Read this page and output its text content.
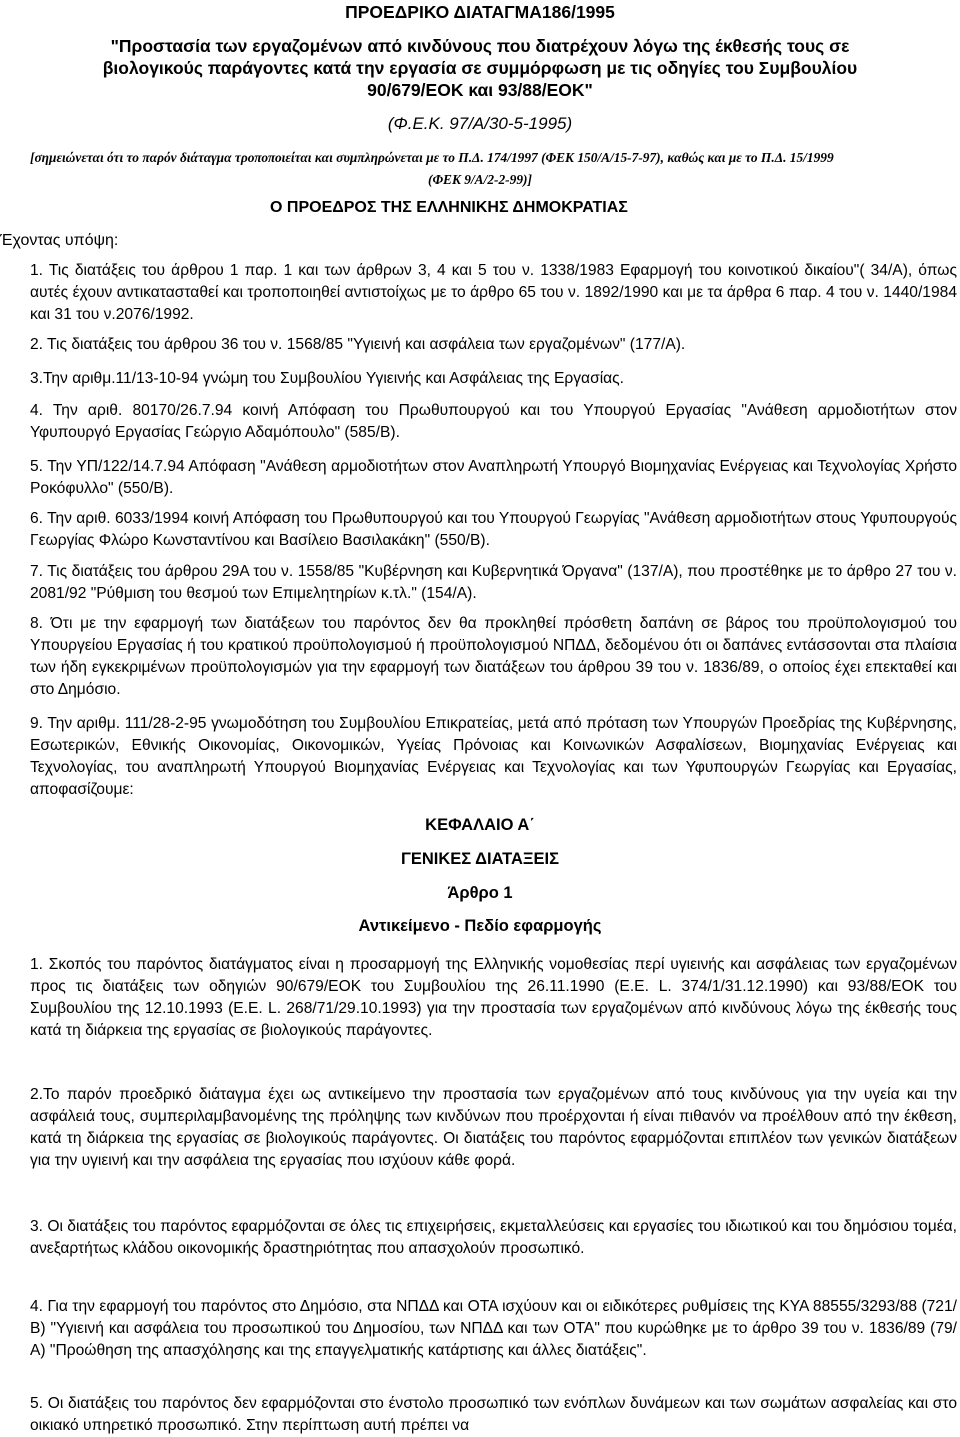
ΠΡΟΕΔΡΙΚΟ ΔΙΑΤΑΓΜΑ186/1995
"Προστασία των εργαζομένων από κινδύνους που διατρέχουν λόγω της έκθεσής τους σε
βιολογικούς παράγοντες κατά την εργασία σε συμμόρφωση με τις οδηγίες του Συμβουλίου
90/679/ΕΟΚ και 93/88/ΕΟΚ"
(Φ.Ε.Κ. 97/Α/30-5-1995)
[σημειώνεται ότι το παρόν διάταγμα τροποποιείται και συμπληρώνεται με το Π.Δ. 174/1997 (ΦΕΚ 150/Α/15-7-97), καθώς και με το Π.Δ. 15/1999
(ΦΕΚ 9/Α/2-2-99)]
Ο ΠΡΟΕΔΡΟΣ ΤΗΣ ΕΛΛΗΝΙΚΗΣ ΔΗΜΟΚΡΑΤΙΑΣ
Έχοντας υπόψη:

1. Τις διατάξεις του άρθρου 1 παρ. 1 και των άρθρων 3, 4 και 5 του ν. 1338/1983 Εφαρμογή του κοινοτικού δικαίου"( 34/Α), όπως αυτές έχουν αντικατασταθεί και τροποποιηθεί αντιστοίχως με το άρθρο 65 του ν. 1892/1990 και με τα άρθρα 6 παρ. 4 του ν. 1440/1984 και 31 του ν.2076/1992.

2. Τις διατάξεις του άρθρου 36 του ν. 1568/85 "Υγιεινή και ασφάλεια των εργαζομένων" (177/Α).

3.Την αριθμ.11/13-10-94 γνώμη του Συμβουλίου Υγιεινής και Ασφάλειας της Εργασίας.

4. Την αριθ. 80170/26.7.94 κοινή Απόφαση του Πρωθυπουργού και του Υπουργού Εργασίας "Ανάθεση αρμοδιοτήτων στον Υφυπουργό Εργασίας Γεώργιο Αδαμόπουλο" (585/Β).

5. Την ΥΠ/122/14.7.94 Απόφαση "Ανάθεση αρμοδιοτήτων στον Αναπληρωτή Υπουργό Βιομηχανίας Ενέργειας και Τεχνολογίας Χρήστο Ροκόφυλλο" (550/Β).

6. Την αριθ. 6033/1994 κοινή Απόφαση του Πρωθυπουργού και του Υπουργού Γεωργίας "Ανάθεση αρμοδιοτήτων στους Υφυπουργούς Γεωργίας Φλώρο Κωνσταντίνου και Βασίλειο Βασιλακάκη" (550/Β).

7. Τις διατάξεις του άρθρου 29Α του ν. 1558/85 "Κυβέρνηση και Κυβερνητικά Όργανα" (137/Α), που προστέθηκε με το άρθρο 27 του ν. 2081/92 "Ρύθμιση του θεσμού των Επιμελητηρίων κ.τλ." (154/Α).

8. Ότι με την εφαρμογή των διατάξεων του παρόντος δεν θα προκληθεί πρόσθετη δαπάνη σε βάρος του προϋπολογισμού του Υπουργείου Εργασίας ή του κρατικού προϋπολογισμού ή προϋπολογισμού ΝΠΔΔ, δεδομένου ότι οι δαπάνες εντάσσονται στα πλαίσια των ήδη εγκεκριμένων προϋπολογισμών για την εφαρμογή των διατάξεων του άρθρου 39 του ν. 1836/89, ο οποίος έχει επεκταθεί και στο Δημόσιο.

9. Την αριθμ. 111/28-2-95 γνωμοδότηση του Συμβουλίου Επικρατείας, μετά από πρόταση των Υπουργών Προεδρίας της Κυβέρνησης, Εσωτερικών, Εθνικής Οικονομίας, Οικονομικών, Υγείας Πρόνοιας και Κοινωνικών Ασφαλίσεων, Βιομηχανίας Ενέργειας και Τεχνολογίας, του αναπληρωτή Υπουργού Βιομηχανίας Ενέργειας και Τεχνολογίας και των Υφυπουργών Γεωργίας και Εργασίας, αποφασίζουμε:

ΚΕΦΑΛΑΙΟ Α΄
ΓΕΝΙΚΕΣ ΔΙΑΤΑΞΕΙΣ
Άρθρο 1
Αντικείμενο - Πεδίο εφαρμογής

1. Σκοπός του παρόντος διατάγματος είναι η προσαρμογή της Ελληνικής νομοθεσίας περί υγιεινής και ασφάλειας των εργαζομένων προς τις διατάξεις των οδηγιών 90/679/ΕΟΚ του Συμβουλίου της 26.11.1990 (Ε.Ε. L. 374/1/31.12.1990) και 93/88/ΕΟΚ του Συμβουλίου της 12.10.1993 (Ε.Ε. L. 268/71/29.10.1993) για την προστασία των εργαζομένων από κινδύνους λόγω της έκθεσής τους κατά τη διάρκεια της εργασίας σε βιολογικούς παράγοντες.

2.Το παρόν προεδρικό διάταγμα έχει ως αντικείμενο την προστασία των εργαζομένων από τους κινδύνους για την υγεία και την ασφάλειά τους, συμπεριλαμβανομένης της πρόληψης των κινδύνων που προέρχονται ή είναι πιθανόν να προέλθουν από την έκθεση, κατά τη διάρκεια της εργασίας σε βιολογικούς παράγοντες. Οι διατάξεις του παρόντος εφαρμόζονται επιπλέον των γενικών διατάξεων για την υγιεινή και την ασφάλεια της εργασίας που ισχύουν κάθε φορά.

3. Οι διατάξεις του παρόντος εφαρμόζονται σε όλες τις επιχειρήσεις, εκμεταλλεύσεις και εργασίες του ιδιωτικού και του δημόσιου τομέα, ανεξαρτήτως κλάδου οικονομικής δραστηριότητας που απασχολούν προσωπικό.

4. Για την εφαρμογή του παρόντος στο Δημόσιο, στα ΝΠΔΔ και ΟΤΑ ισχύουν και οι ειδικότερες ρυθμίσεις της ΚΥΑ 88555/3293/88 (721/Β) "Υγιεινή και ασφάλεια του προσωπικού του Δημοσίου, των ΝΠΔΔ και των ΟΤΑ" που κυρώθηκε με το άρθρο 39 του ν. 1836/89 (79/Α) "Προώθηση της απασχόλησης και της επαγγελματικής κατάρτισης και άλλες διατάξεις".

5. Οι διατάξεις του παρόντος δεν εφαρμόζονται στο ένστολο προσωπικό των ενόπλων δυνάμεων και των σωμάτων ασφαλείας και στο οικιακό υπηρετικό προσωπικό. Στην περίπτωση αυτή πρέπει να
